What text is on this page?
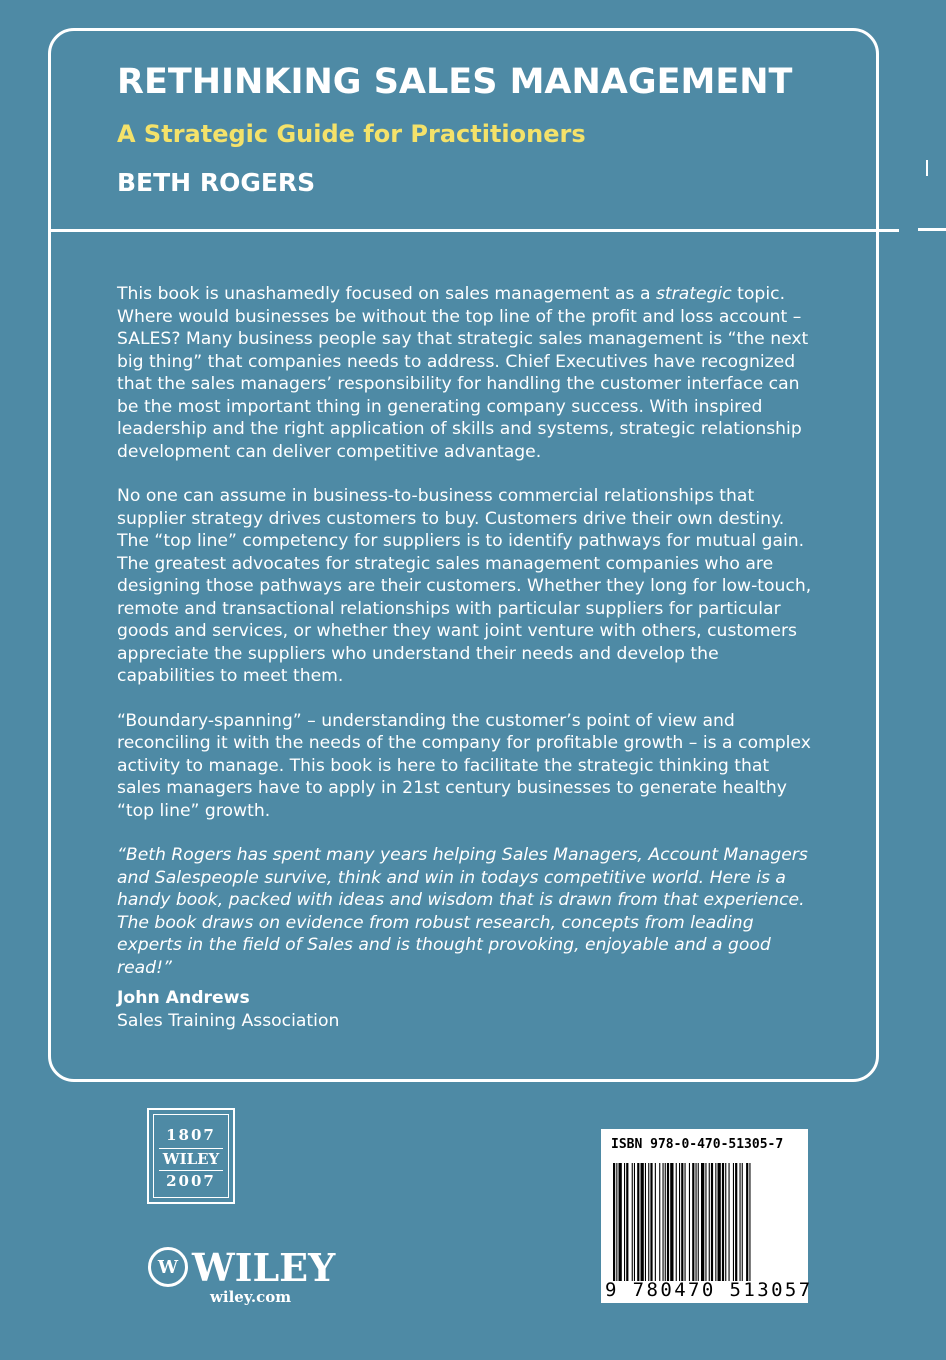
RETHINKING SALES MANAGEMENT
A Strategic Guide for Practitioners
BETH ROGERS

This book is unashamedly focused on sales management as a strategic topic. Where would businesses be without the top line of the profit and loss account – SALES? Many business people say that strategic sales management is “the next big thing” that companies needs to address. Chief Executives have recognized that the sales managers’ responsibility for handling the customer interface can be the most important thing in generating company success. With inspired leadership and the right application of skills and systems, strategic relationship development can deliver competitive advantage.

No one can assume in business-to-business commercial relationships that supplier strategy drives customers to buy. Customers drive their own destiny. The “top line” competency for suppliers is to identify pathways for mutual gain. The greatest advocates for strategic sales management companies who are designing those pathways are their customers. Whether they long for low-touch, remote and transactional relationships with particular suppliers for particular goods and services, or whether they want joint venture with others, customers appreciate the suppliers who understand their needs and develop the capabilities to meet them.

“Boundary-spanning” – understanding the customer’s point of view and reconciling it with the needs of the company for profitable growth – is a complex activity to manage. This book is here to facilitate the strategic thinking that sales managers have to apply in 21st century businesses to generate healthy “top line” growth.

“Beth Rogers has spent many years helping Sales Managers, Account Managers and Salespeople survive, think and win in todays competitive world. Here is a handy book, packed with ideas and wisdom that is drawn from that experience. The book draws on evidence from robust research, concepts from leading experts in the field of Sales and is thought provoking, enjoyable and a good read!”

John Andrews

Sales Training Association

1807
WILEY
2007
W WILEY
wiley.com
ISBN 978-0-470-51305-7
9 780470 513057
